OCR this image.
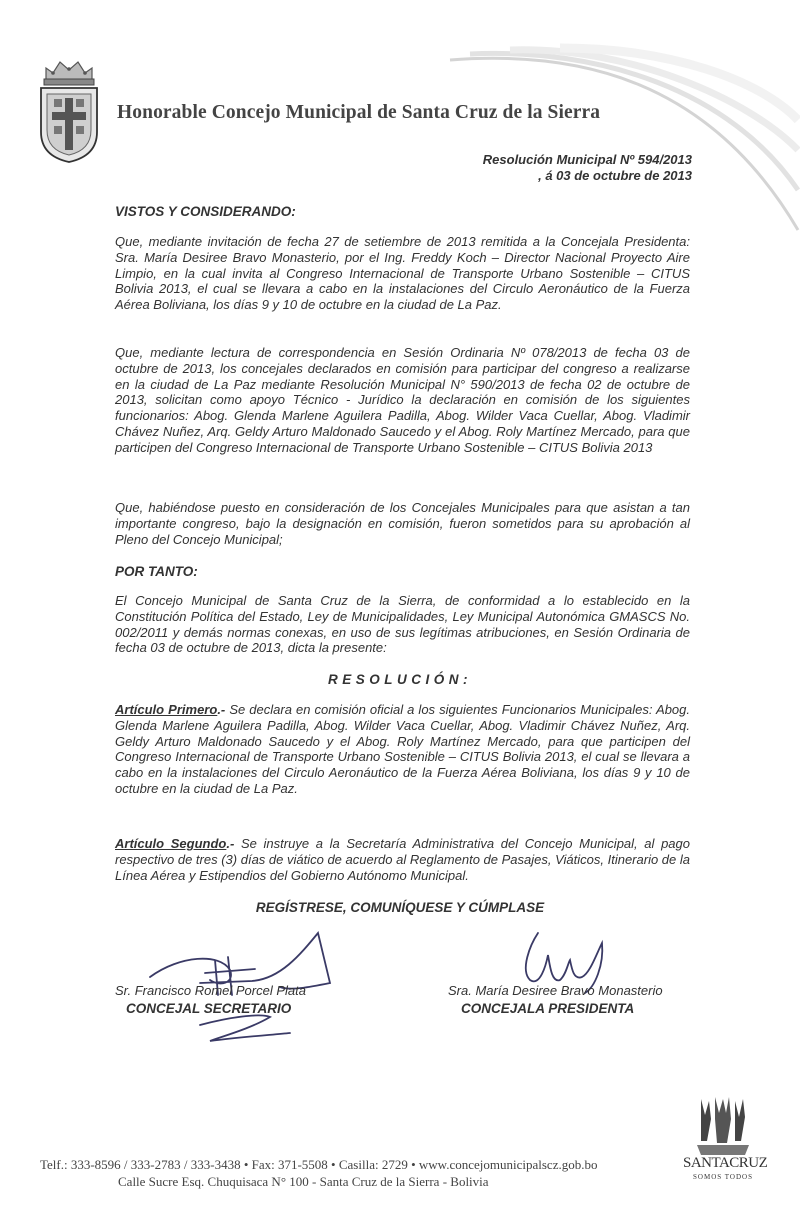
Honorable Concejo Municipal de Santa Cruz de la Sierra
Resolución Municipal Nº 594/2013
, á 03 de octubre de 2013
VISTOS Y CONSIDERANDO:
Que, mediante invitación de fecha 27 de setiembre de 2013 remitida a la Concejala Presidenta: Sra. María Desiree Bravo Monasterio, por el Ing. Freddy Koch – Director Nacional Proyecto Aire Limpio, en la cual invita al Congreso Internacional de Transporte Urbano Sostenible – CITUS Bolivia 2013, el cual se llevara a cabo en la instalaciones del Circulo Aeronáutico de la Fuerza Aérea Boliviana, los días 9 y 10 de octubre en la ciudad de La Paz.
Que, mediante lectura de correspondencia en Sesión Ordinaria Nº 078/2013 de fecha 03 de octubre de 2013, los concejales declarados en comisión para participar del congreso a realizarse en la ciudad de La Paz mediante Resolución Municipal N° 590/2013 de fecha 02 de octubre de 2013, solicitan como apoyo Técnico - Jurídico la declaración en comisión de los siguientes funcionarios: Abog. Glenda Marlene Aguilera Padilla, Abog. Wilder Vaca Cuellar, Abog. Vladimir Chávez Nuñez, Arq. Geldy Arturo Maldonado Saucedo y el Abog. Roly Martínez Mercado, para que participen del Congreso Internacional de Transporte Urbano Sostenible – CITUS Bolivia 2013
Que, habiéndose puesto en consideración de los Concejales Municipales para que asistan a tan importante congreso, bajo la designación en comisión, fueron sometidos para su aprobación al Pleno del Concejo Municipal;
POR TANTO:
El Concejo Municipal de Santa Cruz de la Sierra, de conformidad a lo establecido en la Constitución Política del Estado, Ley de Municipalidades, Ley Municipal Autonómica GMASCS No. 002/2011 y demás normas conexas, en uso de sus legítimas atribuciones, en Sesión Ordinaria de fecha 03 de octubre de 2013, dicta la presente:
RESOLUCIÓN:
Artículo Primero.- Se declara en comisión oficial a los siguientes Funcionarios Municipales: Abog. Glenda Marlene Aguilera Padilla, Abog. Wilder Vaca Cuellar, Abog. Vladimir Chávez Nuñez, Arq. Geldy Arturo Maldonado Saucedo y el Abog. Roly Martínez Mercado, para que participen del Congreso Internacional de Transporte Urbano Sostenible – CITUS Bolivia 2013, el cual se llevara a cabo en la instalaciones del Circulo Aeronáutico de la Fuerza Aérea Boliviana, los días 9 y 10 de octubre en la ciudad de La Paz.
Artículo Segundo.- Se instruye a la Secretaría Administrativa del Concejo Municipal, al pago respectivo de tres (3) días de viático de acuerdo al Reglamento de Pasajes, Viáticos, Itinerario de la Línea Aérea y Estipendios del Gobierno Autónomo Municipal.
REGÍSTRESE, COMUNÍQUESE Y CÚMPLASE
Sr. Francisco Romel Porcel Plata
CONCEJAL SECRETARIO
Sra. María Desiree Bravo Monasterio
CONCEJALA PRESIDENTA
Telf.: 333-8596 / 333-2783 / 333-3438 • Fax: 371-5508 • Casilla: 2729 • www.concejomunicipalscz.gob.bo
Calle Sucre Esq. Chuquisaca N° 100 - Santa Cruz de la Sierra - Bolivia
SANTACRUZ
SOMOS TODOS
